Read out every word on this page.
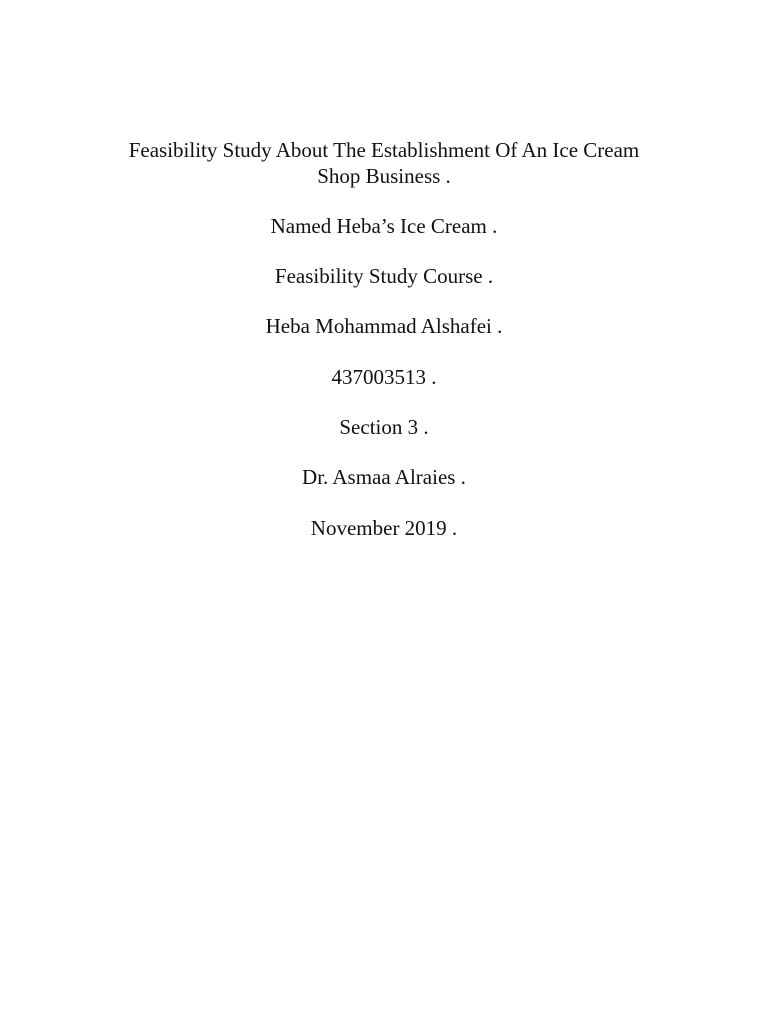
Feasibility Study About The Establishment Of An Ice Cream
Shop Business .
Named Heba’s Ice Cream .
Feasibility Study Course .
Heba Mohammad Alshafei .
437003513 .
Section 3 .
Dr. Asmaa Alraies .
November 2019 .
